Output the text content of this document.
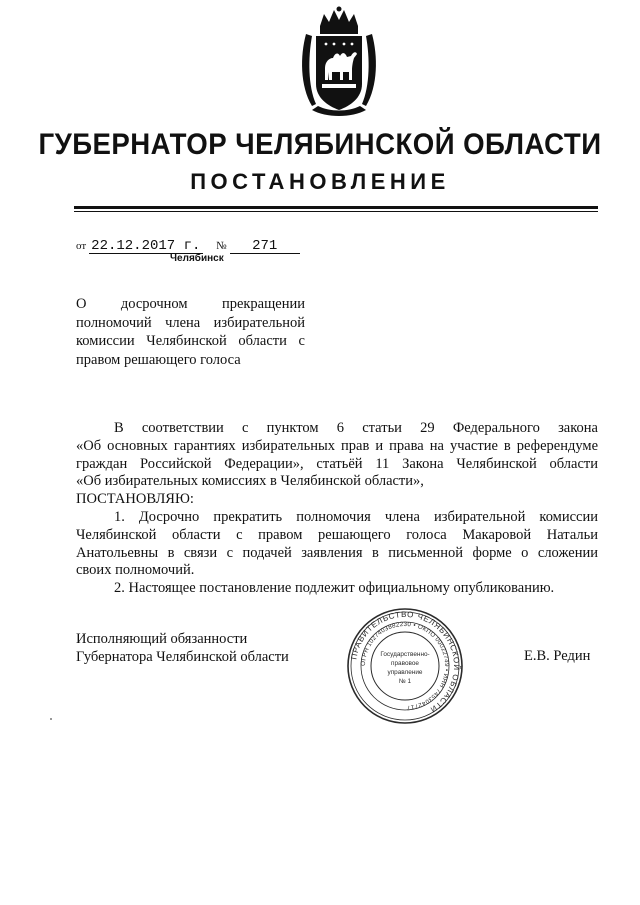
ГУБЕРНАТОР ЧЕЛЯБИНСКОЙ ОБЛАСТИ
ПОСТАНОВЛЕНИЕ
от 22.12.2017 г. № 271
Челябинск
О досрочном прекращении
полномочий члена избирательной
комиссии Челябинской области с
правом решающего голоса

В соответствии с пунктом 6 статьи 29 Федерального закона
«Об основных гарантиях избирательных прав и права на участие в референдуме
граждан Российской Федерации», статьёй 11 Закона Челябинской области
«Об избирательных комиссиях в Челябинской области»,

ПОСТАНОВЛЯЮ:

1. Досрочно прекратить полномочия члена избирательной комиссии
Челябинской области с правом решающего голоса Макаровой Натальи
Анатольевны в связи с подачей заявления в письменной форме о сложении
своих полномочий.

2. Настоящее постановление подлежит официальному опубликованию.

Исполняющий обязанности
Губернатора Челябинской области	ПРАВИТЕЛЬСТВО ЧЕЛЯБИНСКОЙ ОБЛАСТИ
ОГРН 1027403882230 • ОКПО 00022749 • ИНН 7453042717
Государственно-
правовое
управление
№ 1
Е.В. Редин
